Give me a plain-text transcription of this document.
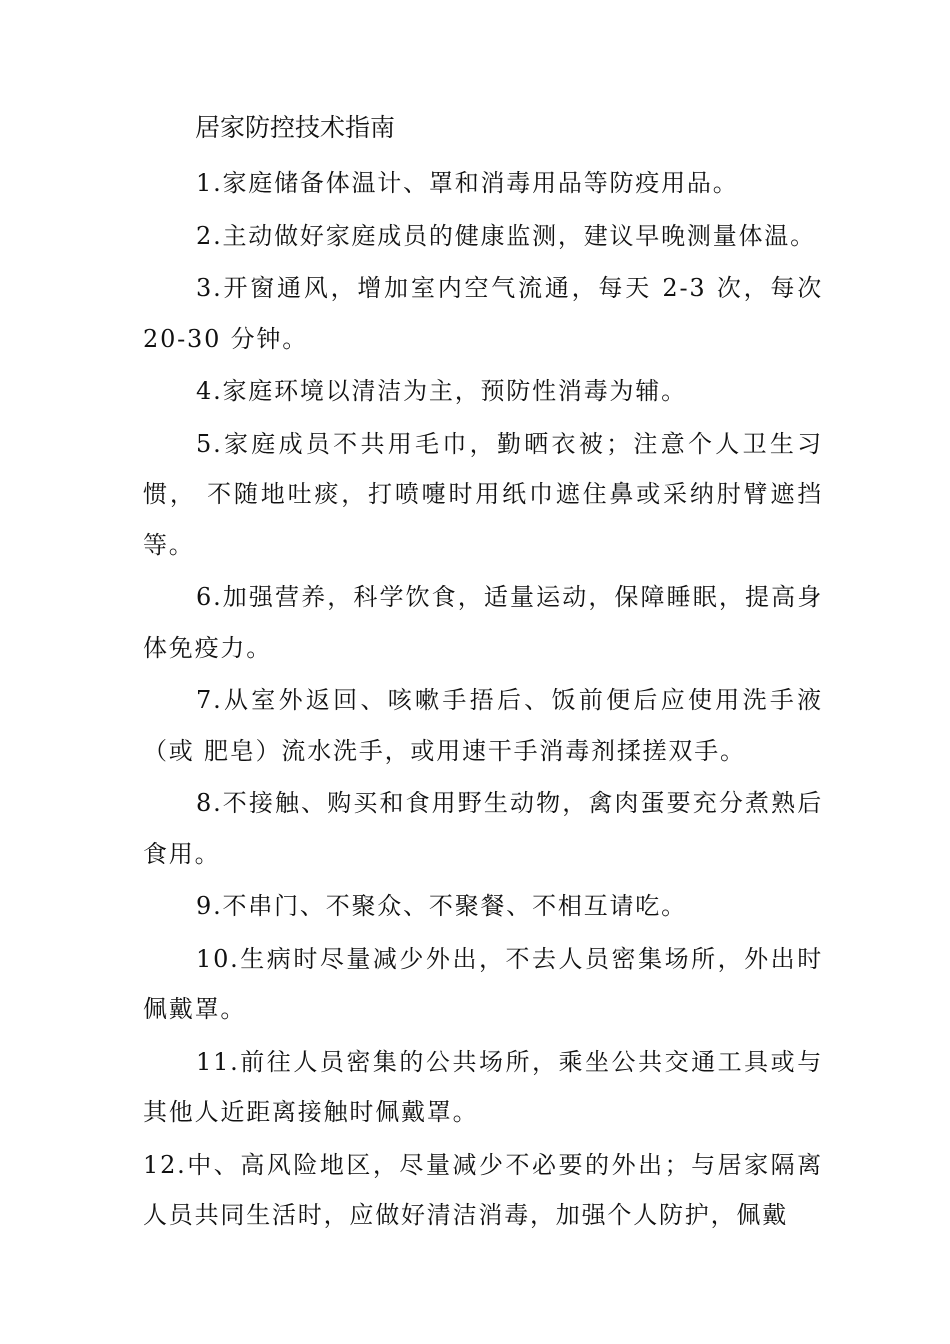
居家防控技术指南

1.家庭储备体温计、罩和消毒用品等防疫用品。

2.主动做好家庭成员的健康监测，建议早晚测量体温。

3.开窗通风，增加室内空气流通，每天 2-3 次，每次 20-30 分钟。

4.家庭环境以清洁为主，预防性消毒为辅。

5.家庭成员不共用毛巾，勤晒衣被；注意个人卫生习惯， 不随地吐痰，打喷嚏时用纸巾遮住鼻或采纳肘臂遮挡等。

6.加强营养，科学饮食，适量运动，保障睡眠，提高身体免疫力。

7.从室外返回、咳嗽手捂后、饭前便后应使用洗手液（或 肥皂）流水洗手，或用速干手消毒剂揉搓双手。

8.不接触、购买和食用野生动物，禽肉蛋要充分煮熟后食用。

9.不串门、不聚众、不聚餐、不相互请吃。

10.生病时尽量减少外出，不去人员密集场所，外出时佩戴罩。

11.前往人员密集的公共场所，乘坐公共交通工具或与其他人近距离接触时佩戴罩。

12.中、高风险地区，尽量减少不必要的外出；与居家隔离人员共同生活时，应做好清洁消毒，加强个人防护，佩戴
